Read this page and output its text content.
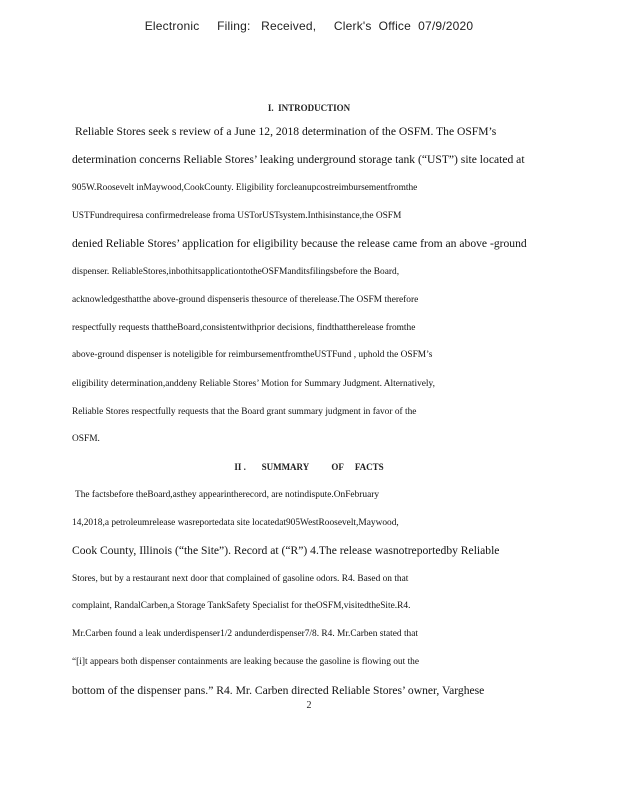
Electronic     Filing:   Received,     Clerk's  Office  07/9/2020
I.  INTRODUCTION
Reliable Stores seek s review of a June 12, 2018 determination of the OSFM. The OSFM’s
determination concerns Reliable Stores’ leaking underground storage tank (“UST”) site located at
905W.Roosevelt inMaywood,CookCounty. Eligibility forcleanupcostreimbursementfromthe
USTFundrequiresa confirmedrelease froma USTorUSTsystem.Inthisinstance,the OSFM
denied Reliable Stores’ application for eligibility because the release came from an above -ground
dispenser. ReliableStores,inbothitsapplicationtotheOSFManditsfilingsbefore the Board,
acknowledgesthatthe above-ground dispenseris thesource of therelease.The OSFM therefore
respectfully requests thattheBoard,consistentwithprior decisions, findthattherelease fromthe
above-ground dispenser is noteligible for reimbursementfromtheUSTFund , uphold the OSFM’s
eligibility determination,anddeny Reliable Stores’ Motion for Summary Judgment. Alternatively,
Reliable Stores respectfully requests that the Board grant summary judgment in favor of the
OSFM.
II .       SUMMARY          OF     FACTS
The factsbefore theBoard,asthey appearintherecord, are notindispute.OnFebruary
14,2018,a petroleumrelease wasreportedata site locatedat905WestRoosevelt,Maywood,
Cook County, Illinois (“the Site”). Record at (“R”) 4.The release wasnotreportedby Reliable
Stores, but by a restaurant next door that complained of gasoline odors. R4. Based on that
complaint, RandalCarben,a Storage TankSafety Specialist for theOSFM,visitedtheSite.R4.
Mr.Carben found a leak underdispenser1/2 andunderdispenser7/8. R4. Mr.Carben stated that
“[i]t appears both dispenser containments are leaking because the gasoline is flowing out the
bottom of the dispenser pans.” R4. Mr. Carben directed Reliable Stores’ owner, Varghese
2
